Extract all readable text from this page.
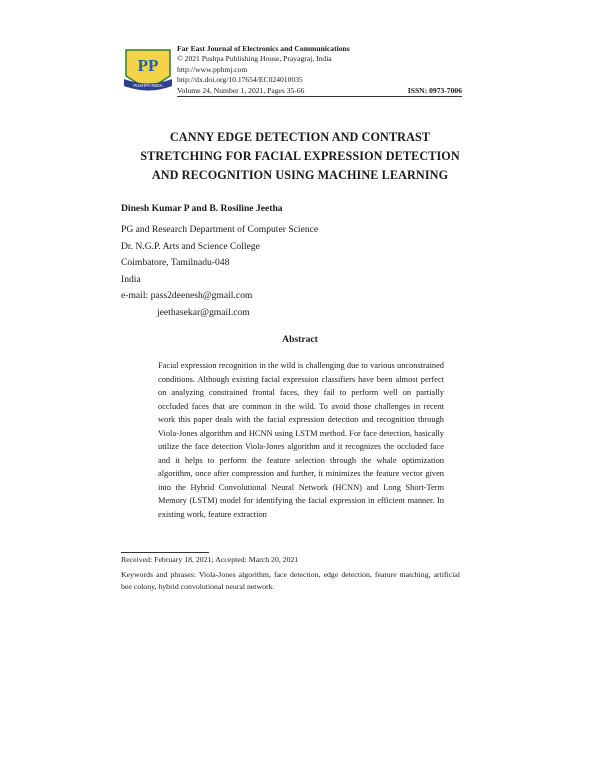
PP
PUSHPA INDIA
Far East Journal of Electronics and Communications
© 2021 Pushpa Publishing House, Prayagraj, India
http://www.pphmj.com
http://dx.doi.org/10.17654/EC024010035
Volume 24, Number 1, 2021, Pages 35-66	ISSN: 0973-7006
CANNY EDGE DETECTION AND CONTRAST
STRETCHING FOR FACIAL EXPRESSION DETECTION
AND RECOGNITION USING MACHINE LEARNING
Dinesh Kumar P and B. Rosiline Jeetha
PG and Research Department of Computer Science
Dr. N.G.P. Arts and Science College
Coimbatore, Tamilnadu-048
India
e-mail: pass2deenesh@gmail.com
jeethasekar@gmail.com
Abstract

Facial expression recognition in the wild is challenging due to various unconstrained conditions. Although existing facial expression classifiers have been almost perfect on analyzing constrained frontal faces, they fail to perform well on partially occluded faces that are common in the wild. To avoid those challenges in recent work this paper deals with the facial expression detection and recognition through Viola-Jones algorithm and HCNN using LSTM method. For face detection, basically utilize the face detection Viola-Jones algorithm and it recognizes the occluded face and it helps to perform the feature selection through the whale optimization algorithm, once after compression and further, it minimizes the feature vector given into the Hybrid Convolutional Neural Network (HCNN) and Long Short-Term Memory (LSTM) model for identifying the facial expression in efficient manner. In existing work, feature extraction

Received: February 18, 2021; Accepted: March 20, 2021
Keywords and phrases: Viola-Jones algorithm, face detection, edge detection, feature matching, artificial bee colony, hybrid convolutional neural network.
